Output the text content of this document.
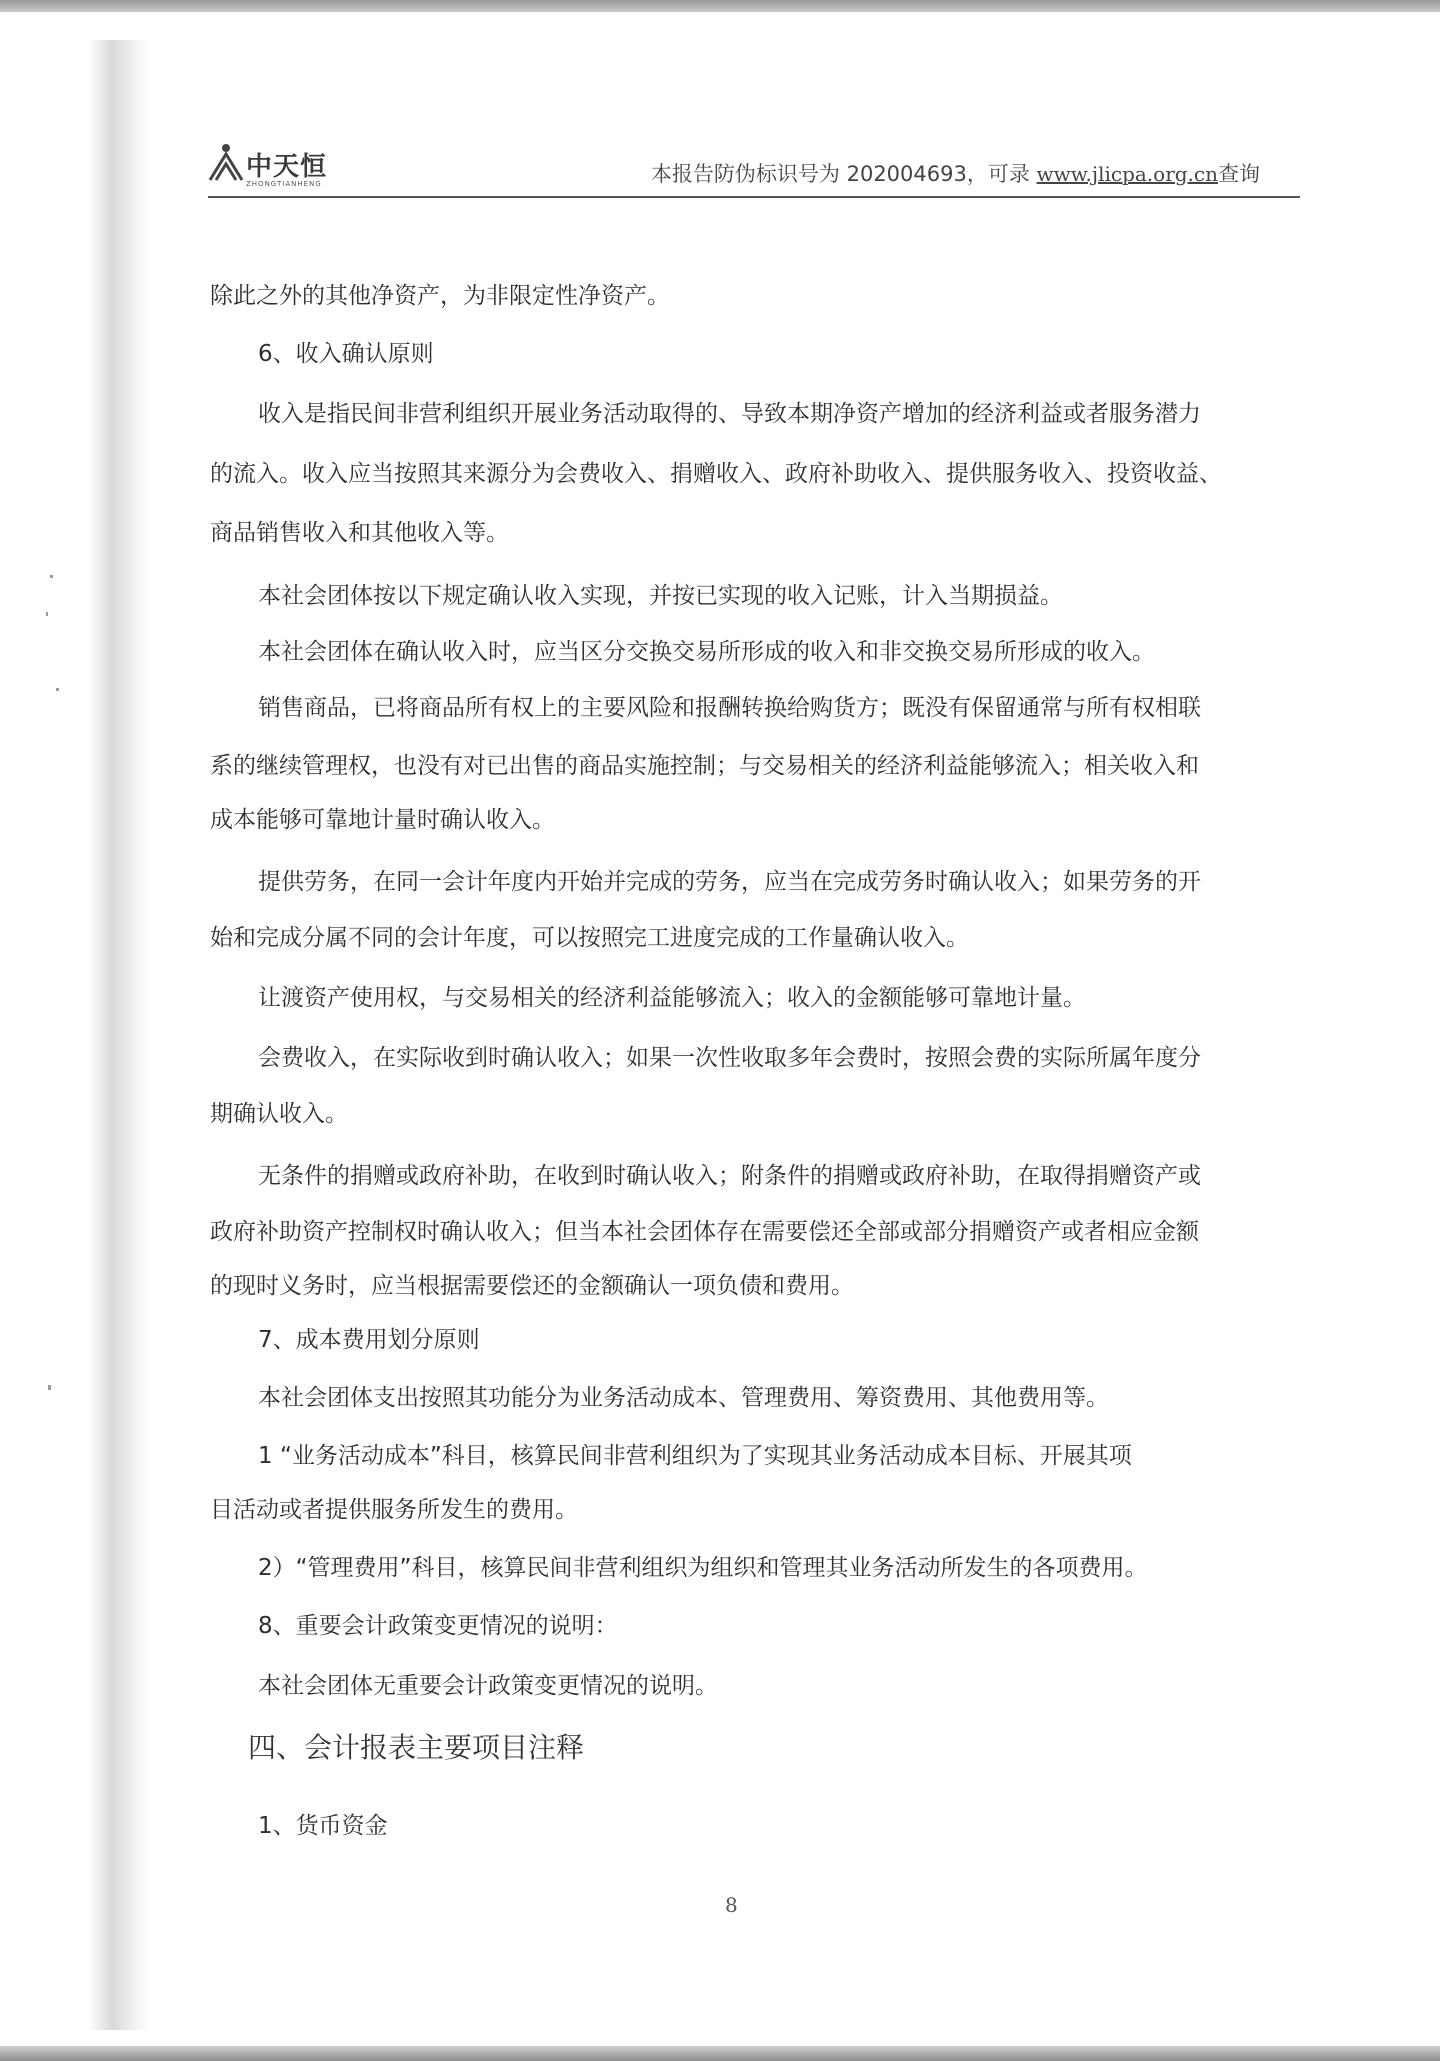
中天恒
ZHONGTIANHENG	本报告防伪标识号为 202004693，可录 www.jlicpa.org.cn查询
除此之外的其他净资产，为非限定性净资产。
6、收入确认原则
收入是指民间非营利组织开展业务活动取得的、导致本期净资产增加的经济利益或者服务潜力
的流入。收入应当按照其来源分为会费收入、捐赠收入、政府补助收入、提供服务收入、投资收益、
商品销售收入和其他收入等。
本社会团体按以下规定确认收入实现，并按已实现的收入记账，计入当期损益。
本社会团体在确认收入时，应当区分交换交易所形成的收入和非交换交易所形成的收入。
销售商品，已将商品所有权上的主要风险和报酬转换给购货方；既没有保留通常与所有权相联
系的继续管理权，也没有对已出售的商品实施控制；与交易相关的经济利益能够流入；相关收入和
成本能够可靠地计量时确认收入。
提供劳务，在同一会计年度内开始并完成的劳务，应当在完成劳务时确认收入；如果劳务的开
始和完成分属不同的会计年度，可以按照完工进度完成的工作量确认收入。
让渡资产使用权，与交易相关的经济利益能够流入；收入的金额能够可靠地计量。
会费收入，在实际收到时确认收入；如果一次性收取多年会费时，按照会费的实际所属年度分
期确认收入。
无条件的捐赠或政府补助，在收到时确认收入；附条件的捐赠或政府补助，在取得捐赠资产或
政府补助资产控制权时确认收入；但当本社会团体存在需要偿还全部或部分捐赠资产或者相应金额
的现时义务时，应当根据需要偿还的金额确认一项负债和费用。
7、成本费用划分原则
本社会团体支出按照其功能分为业务活动成本、管理费用、筹资费用、其他费用等。
1 “业务活动成本”科目，核算民间非营利组织为了实现其业务活动成本目标、开展其项
目活动或者提供服务所发生的费用。
2）“管理费用”科目，核算民间非营利组织为组织和管理其业务活动所发生的各项费用。
8、重要会计政策变更情况的说明：
本社会团体无重要会计政策变更情况的说明。
四、会计报表主要项目注释
1、货币资金
8
